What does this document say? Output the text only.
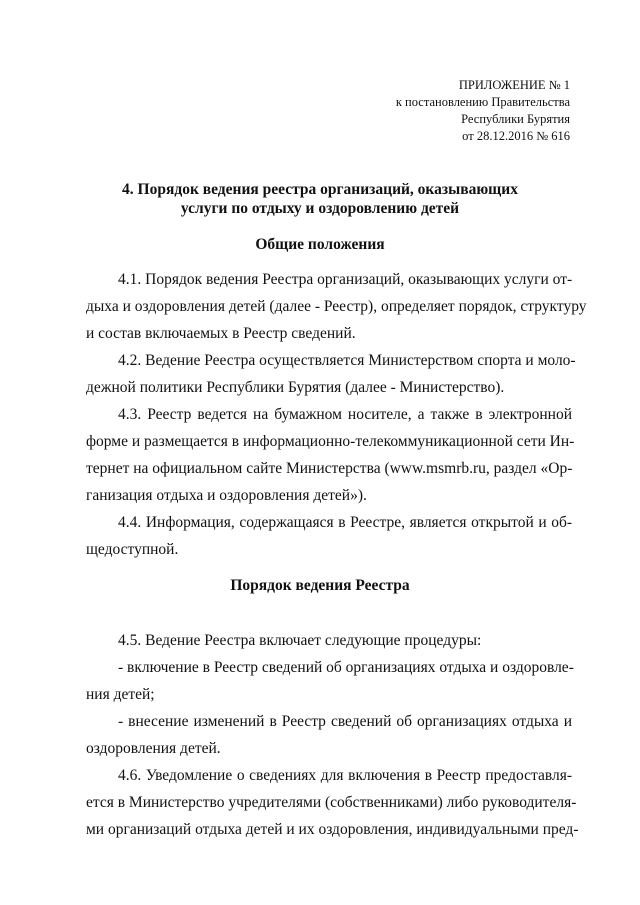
ПРИЛОЖЕНИЕ № 1
к постановлению Правительства
Республики Бурятия
от 28.12.2016 № 616
4. Порядок ведения реестра организаций, оказывающих
услуги по отдыху и оздоровлению детей
Общие положения
4.1. Порядок ведения Реестра организаций, оказывающих услуги от-
дыха и оздоровления детей (далее - Реестр), определяет порядок, структуру
и состав включаемых в Реестр сведений.
4.2. Ведение Реестра осуществляется Министерством спорта и моло-
дежной политики Республики Бурятия (далее - Министерство).
4.3. Реестр ведется на бумажном носителе, а также в электронной
форме и размещается в информационно-телекоммуникационной сети Ин-
тернет на официальном сайте Министерства (www.msmrb.ru, раздел «Ор-
ганизация отдыха и оздоровления детей»).
4.4. Информация, содержащаяся в Реестре, является открытой и об-
щедоступной.
Порядок ведения Реестра
4.5. Ведение Реестра включает следующие процедуры:
- включение в Реестр сведений об организациях отдыха и оздоровле-
ния детей;
- внесение изменений в Реестр сведений об организациях отдыха и
оздоровления детей.
4.6. Уведомление о сведениях для включения в Реестр предоставля-
ется в Министерство учредителями (собственниками) либо руководителя-
ми организаций отдыха детей и их оздоровления, индивидуальными пред-
